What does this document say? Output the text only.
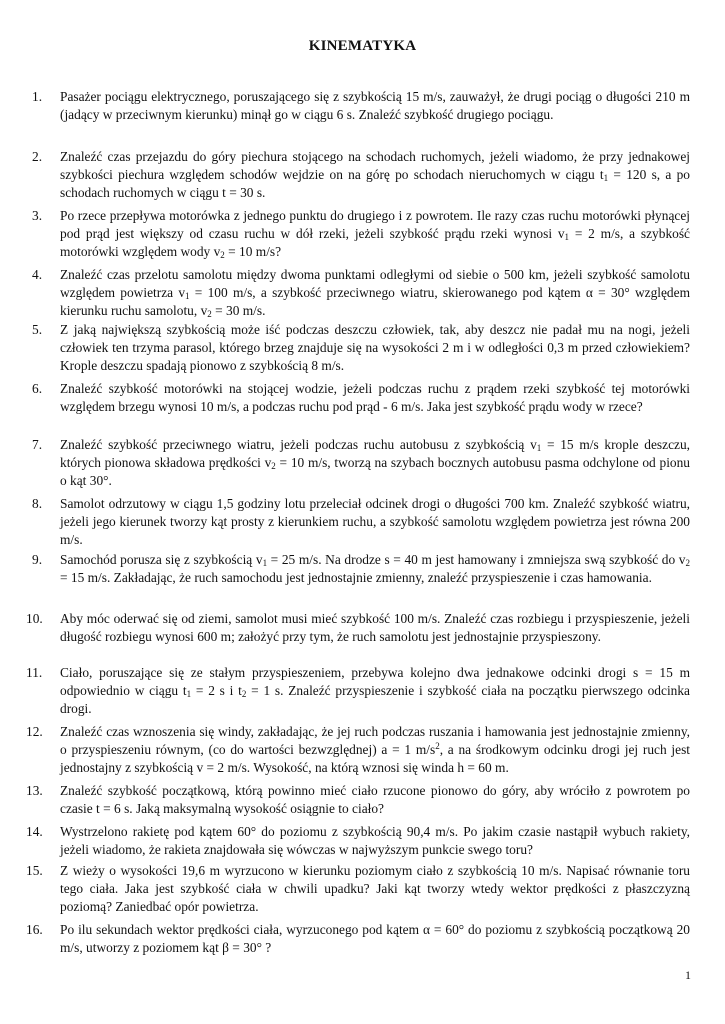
KINEMATYKA
1.	Pasażer pociągu elektrycznego, poruszającego się z szybkością 15 m/s, zauważył, że drugi pociąg o długości 210 m (jadący w przeciwnym kierunku) minął go w ciągu 6 s. Znaleźć szybkość drugiego pociągu.
2.	Znaleźć czas przejazdu do góry piechura stojącego na schodach ruchomych, jeżeli wiadomo, że przy jednakowej szybkości piechura względem schodów wejdzie on na górę po schodach nieruchomych w ciągu $t_1 = 120$ s, a po schodach ruchomych w ciągu t = 30 s.
3.	Po rzece przepływa motorówka z jednego punktu do drugiego i z powrotem. Ile razy czas ruchu motorówki płynącej pod prąd jest większy od czasu ruchu w dół rzeki, jeżeli szybkość prądu rzeki wynosi $v_1 = 2$ m/s, a szybkość motorówki względem wody $v_2 = 10$ m/s?
4.	Znaleźć czas przelotu samolotu między dwoma punktami odległymi od siebie o 500 km, jeżeli szybkość samolotu względem powietrza $v_1 = 100$ m/s, a szybkość przeciwnego wiatru, skierowanego pod kątem α = 30° względem kierunku ruchu samolotu, $v_2 = 30$ m/s.
5.	Z jaką największą szybkością może iść podczas deszczu człowiek, tak, aby deszcz nie padał mu na nogi, jeżeli człowiek ten trzyma parasol, którego brzeg znajduje się na wysokości 2 m i w odległości 0,3 m przed człowiekiem? Krople deszczu spadają pionowo z szybkością 8 m/s.
6.	Znaleźć szybkość motorówki na stojącej wodzie, jeżeli podczas ruchu z prądem rzeki szybkość tej motorówki względem brzegu wynosi 10 m/s, a podczas ruchu pod prąd - 6 m/s. Jaka jest szybkość prądu wody w rzece?
7.	Znaleźć szybkość przeciwnego wiatru, jeżeli podczas ruchu autobusu z szybkością $v_1 = 15$ m/s krople deszczu, których pionowa składowa prędkości $v_2 = 10$ m/s, tworzą na szybach bocznych autobusu pasma odchylone od pionu o kąt 30°.
8.	Samolot odrzutowy w ciągu 1,5 godziny lotu przeleciał odcinek drogi o długości 700 km. Znaleźć szybkość wiatru, jeżeli jego kierunek tworzy kąt prosty z kierunkiem ruchu, a szybkość samolotu względem powietrza jest równa 200 m/s.
9.	Samochód porusza się z szybkością $v_1 = 25$ m/s. Na drodze s = 40 m jest hamowany i zmniejsza swą szybkość do $v_2 = 15$ m/s. Zakładając, że ruch samochodu jest jednostajnie zmienny, znaleźć przyspieszenie i czas hamowania.
10.	Aby móc oderwać się od ziemi, samolot musi mieć szybkość 100 m/s. Znaleźć czas rozbiegu i przyspieszenie, jeżeli długość rozbiegu wynosi 600 m; założyć przy tym, że ruch samolotu jest jednostajnie przyspieszony.
11.	Ciało, poruszające się ze stałym przyspieszeniem, przebywa kolejno dwa jednakowe odcinki drogi s = 15 m odpowiednio w ciągu $t_1 = 2$ s i $t_2 = 1$ s. Znaleźć przyspieszenie i szybkość ciała na początku pierwszego odcinka drogi.
12.	Znaleźć czas wznoszenia się windy, zakładając, że jej ruch podczas ruszania i hamowania jest jednostajnie zmienny, o przyspieszeniu równym, (co do wartości bezwzględnej) a = 1 $m/s^2$, a na środkowym odcinku drogi jej ruch jest jednostajny z szybkością v = 2 m/s. Wysokość, na którą wznosi się winda h = 60 m.
13.	Znaleźć szybkość początkową, którą powinno mieć ciało rzucone pionowo do góry, aby wróciło z powrotem po czasie t = 6 s. Jaką maksymalną wysokość osiągnie to ciało?
14.	Wystrzelono rakietę pod kątem 60° do poziomu z szybkością 90,4 m/s. Po jakim czasie nastąpił wybuch rakiety, jeżeli wiadomo, że rakieta znajdowała się wówczas w najwyższym punkcie swego toru?
15.	Z wieży o wysokości 19,6 m wyrzucono w kierunku poziomym ciało z szybkością 10 m/s. Napisać równanie toru tego ciała. Jaka jest szybkość ciała w chwili upadku? Jaki kąt tworzy wtedy wektor prędkości z płaszczyzną poziomą? Zaniedbać opór powietrza.
16.	Po ilu sekundach wektor prędkości ciała, wyrzuconego pod kątem α = 60° do poziomu z szybkością początkową 20 m/s, utworzy z poziomem kąt β = 30° ?
1
